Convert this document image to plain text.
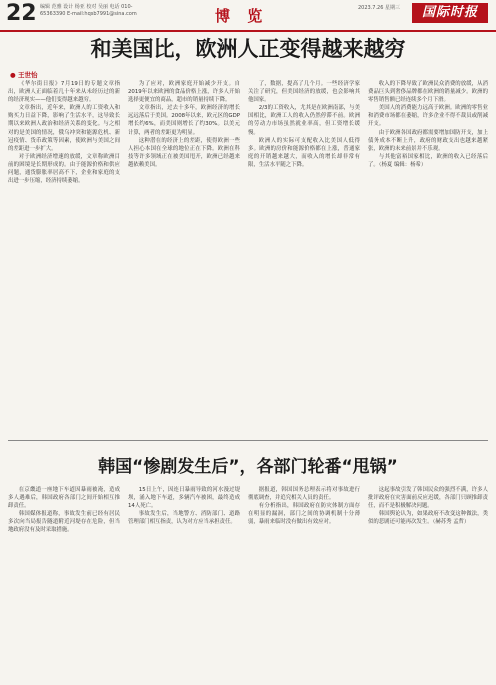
22 编辑 范雅 设计 杨亚 校对 吴丽 电话 010-65363390 E-mail:hqsb7991@sina.com	博 览	2023.7.26 星期三	国际时报
和美国比，欧洲人正变得越来越穷
● 王世怡

《华尔街日报》7月19日的专题文章指出，欧洲人正面临着几十年来从未经历过的新的经济现实——他们变得越来越穷。

文章指出，近年来，欧洲人的工资收入和购买力日益下降，影响了生活水平，这导致长期以来欧洲人政治和经济关系的变化。与之相对的是美国的情况，俄乌冲突和能源危机、新冠疫情、货币政策等因素，使欧洲与美国之间的差距进一步扩大。

对于欧洲经济增速的放缓，文章称欧洲目前的困境是长期形成的。由于能源价格和供应问题，通货膨胀率居高不下，企业和家庭的支出进一步压缩，经济持续萎缩。

为了应对，欧洲家庭开始减少开支。自2019年以来欧洲的食品价格上涨，许多人开始选择更便宜的商品，超市的销量持续下降。

文章指出，过去十多年，欧洲经济的增长远远落后于美国。2008年以来，欧元区的GDP增长约6%，而美国则增长了约30%。以美元计算，两者的差距更为明显。

这种潜在的经济上的差距，使得欧洲一些人担心本国在全球的地位正在下降。欧洲在科技等许多领域正在被美国甩开，欧洲已经越来越依赖美国。

了，数据，提高了几个月。一些经济学家关注了研究，但美国经济的放缓，也会影响其他国家。

2/3的工资收入，尤其是在欧洲南部，与美国相比，欧洲工人的收入仍然停滞不前。欧洲的劳动力市场虽然就业率高，但工资增长缓慢。

欧洲人的实际可支配收入比美国人低得多。欧洲的房价和能源价格都在上涨，普通家庭的开销越来越大，而收入的增长却非常有限，生活水平随之下降。

收入的下降导致了欧洲民众消费的放缓，从消费品巨头到奢侈品牌都在欧洲的销量减少。欧洲的零售销售额已经连续多个月下滑。

美国人的消费能力远高于欧洲。欧洲的零售业和消费市场都在萎缩，许多企业不得不裁员或削减开支。

由于欧洲各国政府都需要增加国防开支，加上债务成本不断上升，政府的财政支出也越来越紧张，欧洲的未来前景并不乐观。

与其他富裕国家相比，欧洲的收入已经落后了。（杨夏 编辑：杨希）

韩国“惨剧发生后”，各部门轮番“甩锅”

在京畿道一座地下车道因暴雨被淹，造成多人遇难后，韩国政府各部门之间开始相互推卸责任。

韩国媒体报道称，事故发生前已经有居民多次向当局报告隧道附近河堤存在危险，但当地政府没有及时采取措施。

15日上午，因连日暴雨导致的河水漫过堤坝，涌入地下车道，多辆汽车被困，最终造成14人死亡。

事故发生后，当地警方、消防部门、道路管理部门相互指责，认为对方应当承担责任。

据报道，韩国国务总理表示将对事故进行彻底调查，并追究相关人员的责任。

有分析指出，韩国政府在防灾体制方面存在明显的漏洞，部门之间的协调机制十分薄弱，暴雨来临时没有做出有效应对。

这起事故引发了韩国民众的强烈不满，许多人批评政府在灾害面前反应迟缓，各部门只顾推卸责任，而不是积极解决问题。

韩国舆论认为，如果政府不改变这种做法，类似的悲剧还可能再次发生。（赫苏秀 孟哲）
